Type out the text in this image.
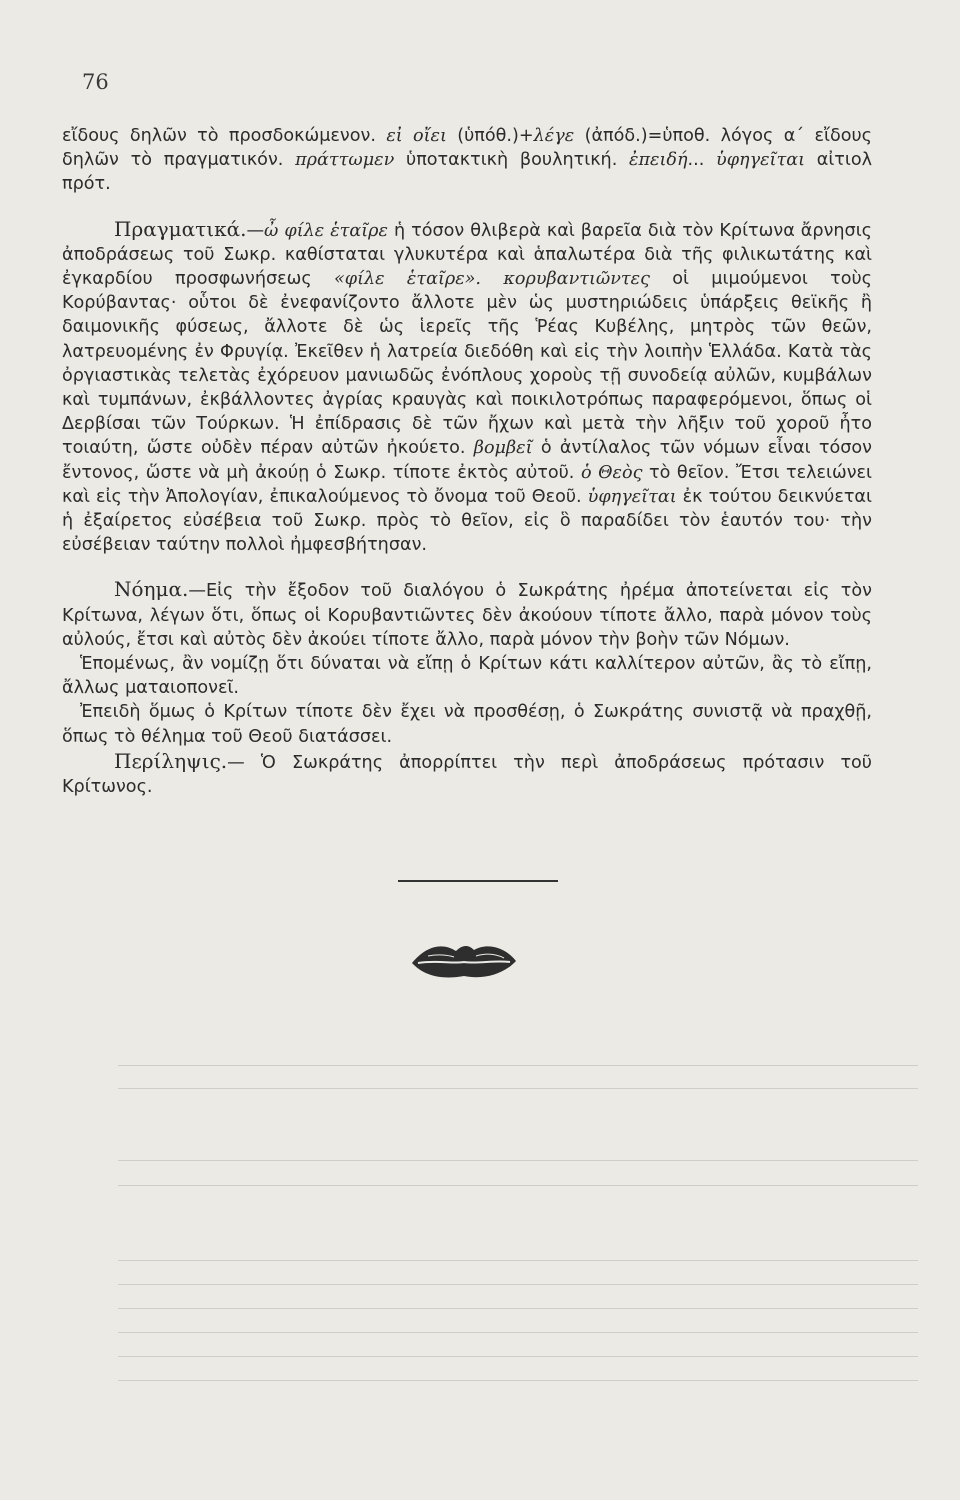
76

εἴδους δηλῶν τὸ προσδοκώμενον. εἰ οἴει (ὑπόθ.)+λέγε (ἀπόδ.)=ὑποθ. λόγος α΄ εἴδους δηλῶν τὸ πραγματικόν. πράττωμεν ὑποτακτικὴ βουλητική. ἐπειδή... ὑφηγεῖται αἰτιολ πρότ.

Πραγματικά.—ὦ φίλε ἑταῖρε ἡ τόσον θλιβερὰ καὶ βαρεῖα διὰ τὸν Κρίτωνα ἄρνησις ἀποδράσεως τοῦ Σωκρ. καθίσταται γλυκυτέρα καὶ ἁπαλωτέρα διὰ τῆς φιλικωτάτης καὶ ἐγκαρδίου προσφωνήσεως «φίλε ἑταῖρε». κορυβαντιῶντες οἱ μιμούμενοι τοὺς Κορύβαντας· οὗτοι δὲ ἐνεφανίζοντο ἄλλοτε μὲν ὡς μυστηριώδεις ὑπάρξεις θεϊκῆς ἢ δαιμονικῆς φύσεως, ἄλλοτε δὲ ὡς ἱερεῖς τῆς Ῥέας Κυβέλης, μητρὸς τῶν θεῶν, λατρευομένης ἐν Φρυγίᾳ. Ἐκεῖθεν ἡ λατρεία διεδόθη καὶ εἰς τὴν λοιπὴν Ἑλλάδα. Κατὰ τὰς ὀργιαστικὰς τελετὰς ἐχόρευον μανιωδῶς ἐνόπλους χοροὺς τῇ συνοδείᾳ αὐλῶν, κυμβάλων καὶ τυμπάνων, ἐκβάλλοντες ἀγρίας κραυγὰς καὶ ποικιλοτρόπως παραφερόμενοι, ὅπως οἱ Δερβίσαι τῶν Τούρκων. Ἡ ἐπίδρασις δὲ τῶν ἤχων καὶ μετὰ τὴν λῆξιν τοῦ χοροῦ ἦτο τοιαύτη, ὥστε οὐδὲν πέραν αὐτῶν ἠκούετο. βομβεῖ ὁ ἀντίλαλος τῶν νόμων εἶναι τόσον ἔντονος, ὥστε νὰ μὴ ἀκούῃ ὁ Σωκρ. τίποτε ἐκτὸς αὐτοῦ. ὁ Θεὸς τὸ θεῖον. Ἔτσι τελειώνει καὶ εἰς τὴν Ἀπολογίαν, ἐπικαλούμενος τὸ ὄνομα τοῦ Θεοῦ. ὑφηγεῖται ἐκ τούτου δεικνύεται ἡ ἐξαίρετος εὐσέβεια τοῦ Σωκρ. πρὸς τὸ θεῖον, εἰς ὃ παραδίδει τὸν ἑαυτόν του· τὴν εὐσέβειαν ταύτην πολλοὶ ἠμφεσβήτησαν.

Νόημα.—Εἰς τὴν ἔξοδον τοῦ διαλόγου ὁ Σωκράτης ἠρέμα ἀποτείνεται εἰς τὸν Κρίτωνα, λέγων ὅτι, ὅπως οἱ Κορυβαντιῶντες δὲν ἀκούουν τίποτε ἄλλο, παρὰ μόνον τοὺς αὐλούς, ἔτσι καὶ αὐτὸς δὲν ἀκούει τίποτε ἄλλο, παρὰ μόνον τὴν βοὴν τῶν Νόμων.

Ἑπομένως, ἂν νομίζῃ ὅτι δύναται νὰ εἴπῃ ὁ Κρίτων κάτι καλλίτερον αὐτῶν, ἂς τὸ εἴπῃ, ἄλλως ματαιοπονεῖ.

Ἐπειδὴ ὅμως ὁ Κρίτων τίποτε δὲν ἔχει νὰ προσθέσῃ, ὁ Σωκράτης συνιστᾷ νὰ πραχθῇ, ὅπως τὸ θέλημα τοῦ Θεοῦ διατάσσει.

Περίληψις.— Ὁ Σωκράτης ἀπορρίπτει τὴν περὶ ἀποδράσεως πρότασιν τοῦ Κρίτωνος.
